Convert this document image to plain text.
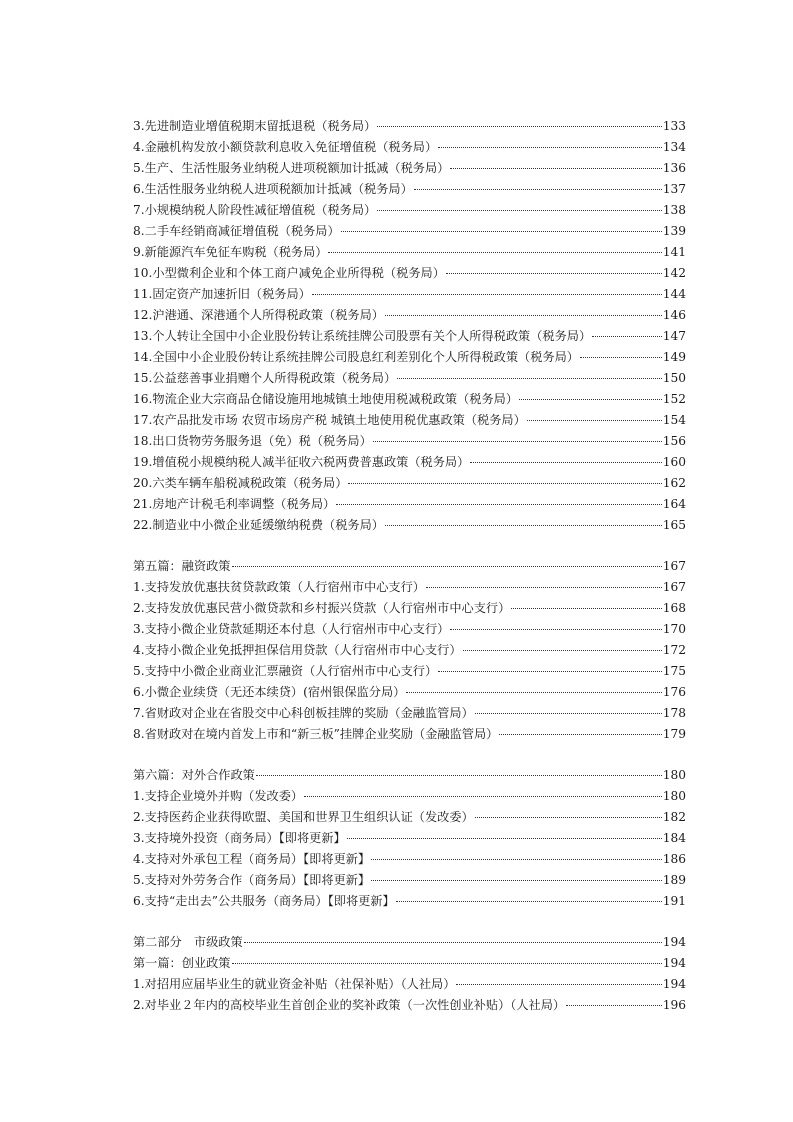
3.先进制造业增值税期末留抵退税（税务局）	133
4.金融机构发放小额贷款利息收入免征增值税（税务局）	134
5.生产、生活性服务业纳税人进项税额加计抵减（税务局）	136
6.生活性服务业纳税人进项税额加计抵减（税务局）	137
7.小规模纳税人阶段性减征增值税（税务局）	138
8.二手车经销商减征增值税（税务局）	139
9.新能源汽车免征车购税（税务局）	141
10.小型微利企业和个体工商户减免企业所得税（税务局）	142
11.固定资产加速折旧（税务局）	144
12.沪港通、深港通个人所得税政策（税务局）	146
13.个人转让全国中小企业股份转让系统挂牌公司股票有关个人所得税政策（税务局）	147
14.全国中小企业股份转让系统挂牌公司股息红利差别化个人所得税政策（税务局）	149
15.公益慈善事业捐赠个人所得税政策（税务局）	150
16.物流企业大宗商品仓储设施用地城镇土地使用税减税政策（税务局）	152
17.农产品批发市场 农贸市场房产税 城镇土地使用税优惠政策（税务局）	154
18.出口货物劳务服务退（免）税（税务局）	156
19.增值税小规模纳税人减半征收六税两费普惠政策（税务局）	160
20.六类车辆车船税减税政策（税务局）	162
21.房地产计税毛利率调整（税务局）	164
22.制造业中小微企业延缓缴纳税费（税务局）	165
第五篇：融资政策	167
1.支持发放优惠扶贫贷款政策（人行宿州市中心支行）	167
2.支持发放优惠民营小微贷款和乡村振兴贷款（人行宿州市中心支行）	168
3.支持小微企业贷款延期还本付息（人行宿州市中心支行）	170
4.支持小微企业免抵押担保信用贷款（人行宿州市中心支行）	172
5.支持中小微企业商业汇票融资（人行宿州市中心支行）	175
6.小微企业续贷（无还本续贷）(宿州银保监分局）	176
7.省财政对企业在省股交中心科创板挂牌的奖励（金融监管局）	178
8.省财政对在境内首发上市和“新三板”挂牌企业奖励（金融监管局）	179
第六篇：对外合作政策	180
1.支持企业境外并购（发改委）	180
2.支持医药企业获得欧盟、美国和世界卫生组织认证（发改委）	182
3.支持境外投资（商务局）【即将更新】	184
4.支持对外承包工程（商务局）【即将更新】	186
5.支持对外劳务合作（商务局）【即将更新】	189
6.支持“走出去”公共服务（商务局）【即将更新】	191
第二部分　市级政策	194
第一篇：创业政策	194
1.对招用应届毕业生的就业资金补贴（社保补贴）（人社局）	194
2.对毕业２年内的高校毕业生首创企业的奖补政策（一次性创业补贴）（人社局）	196
